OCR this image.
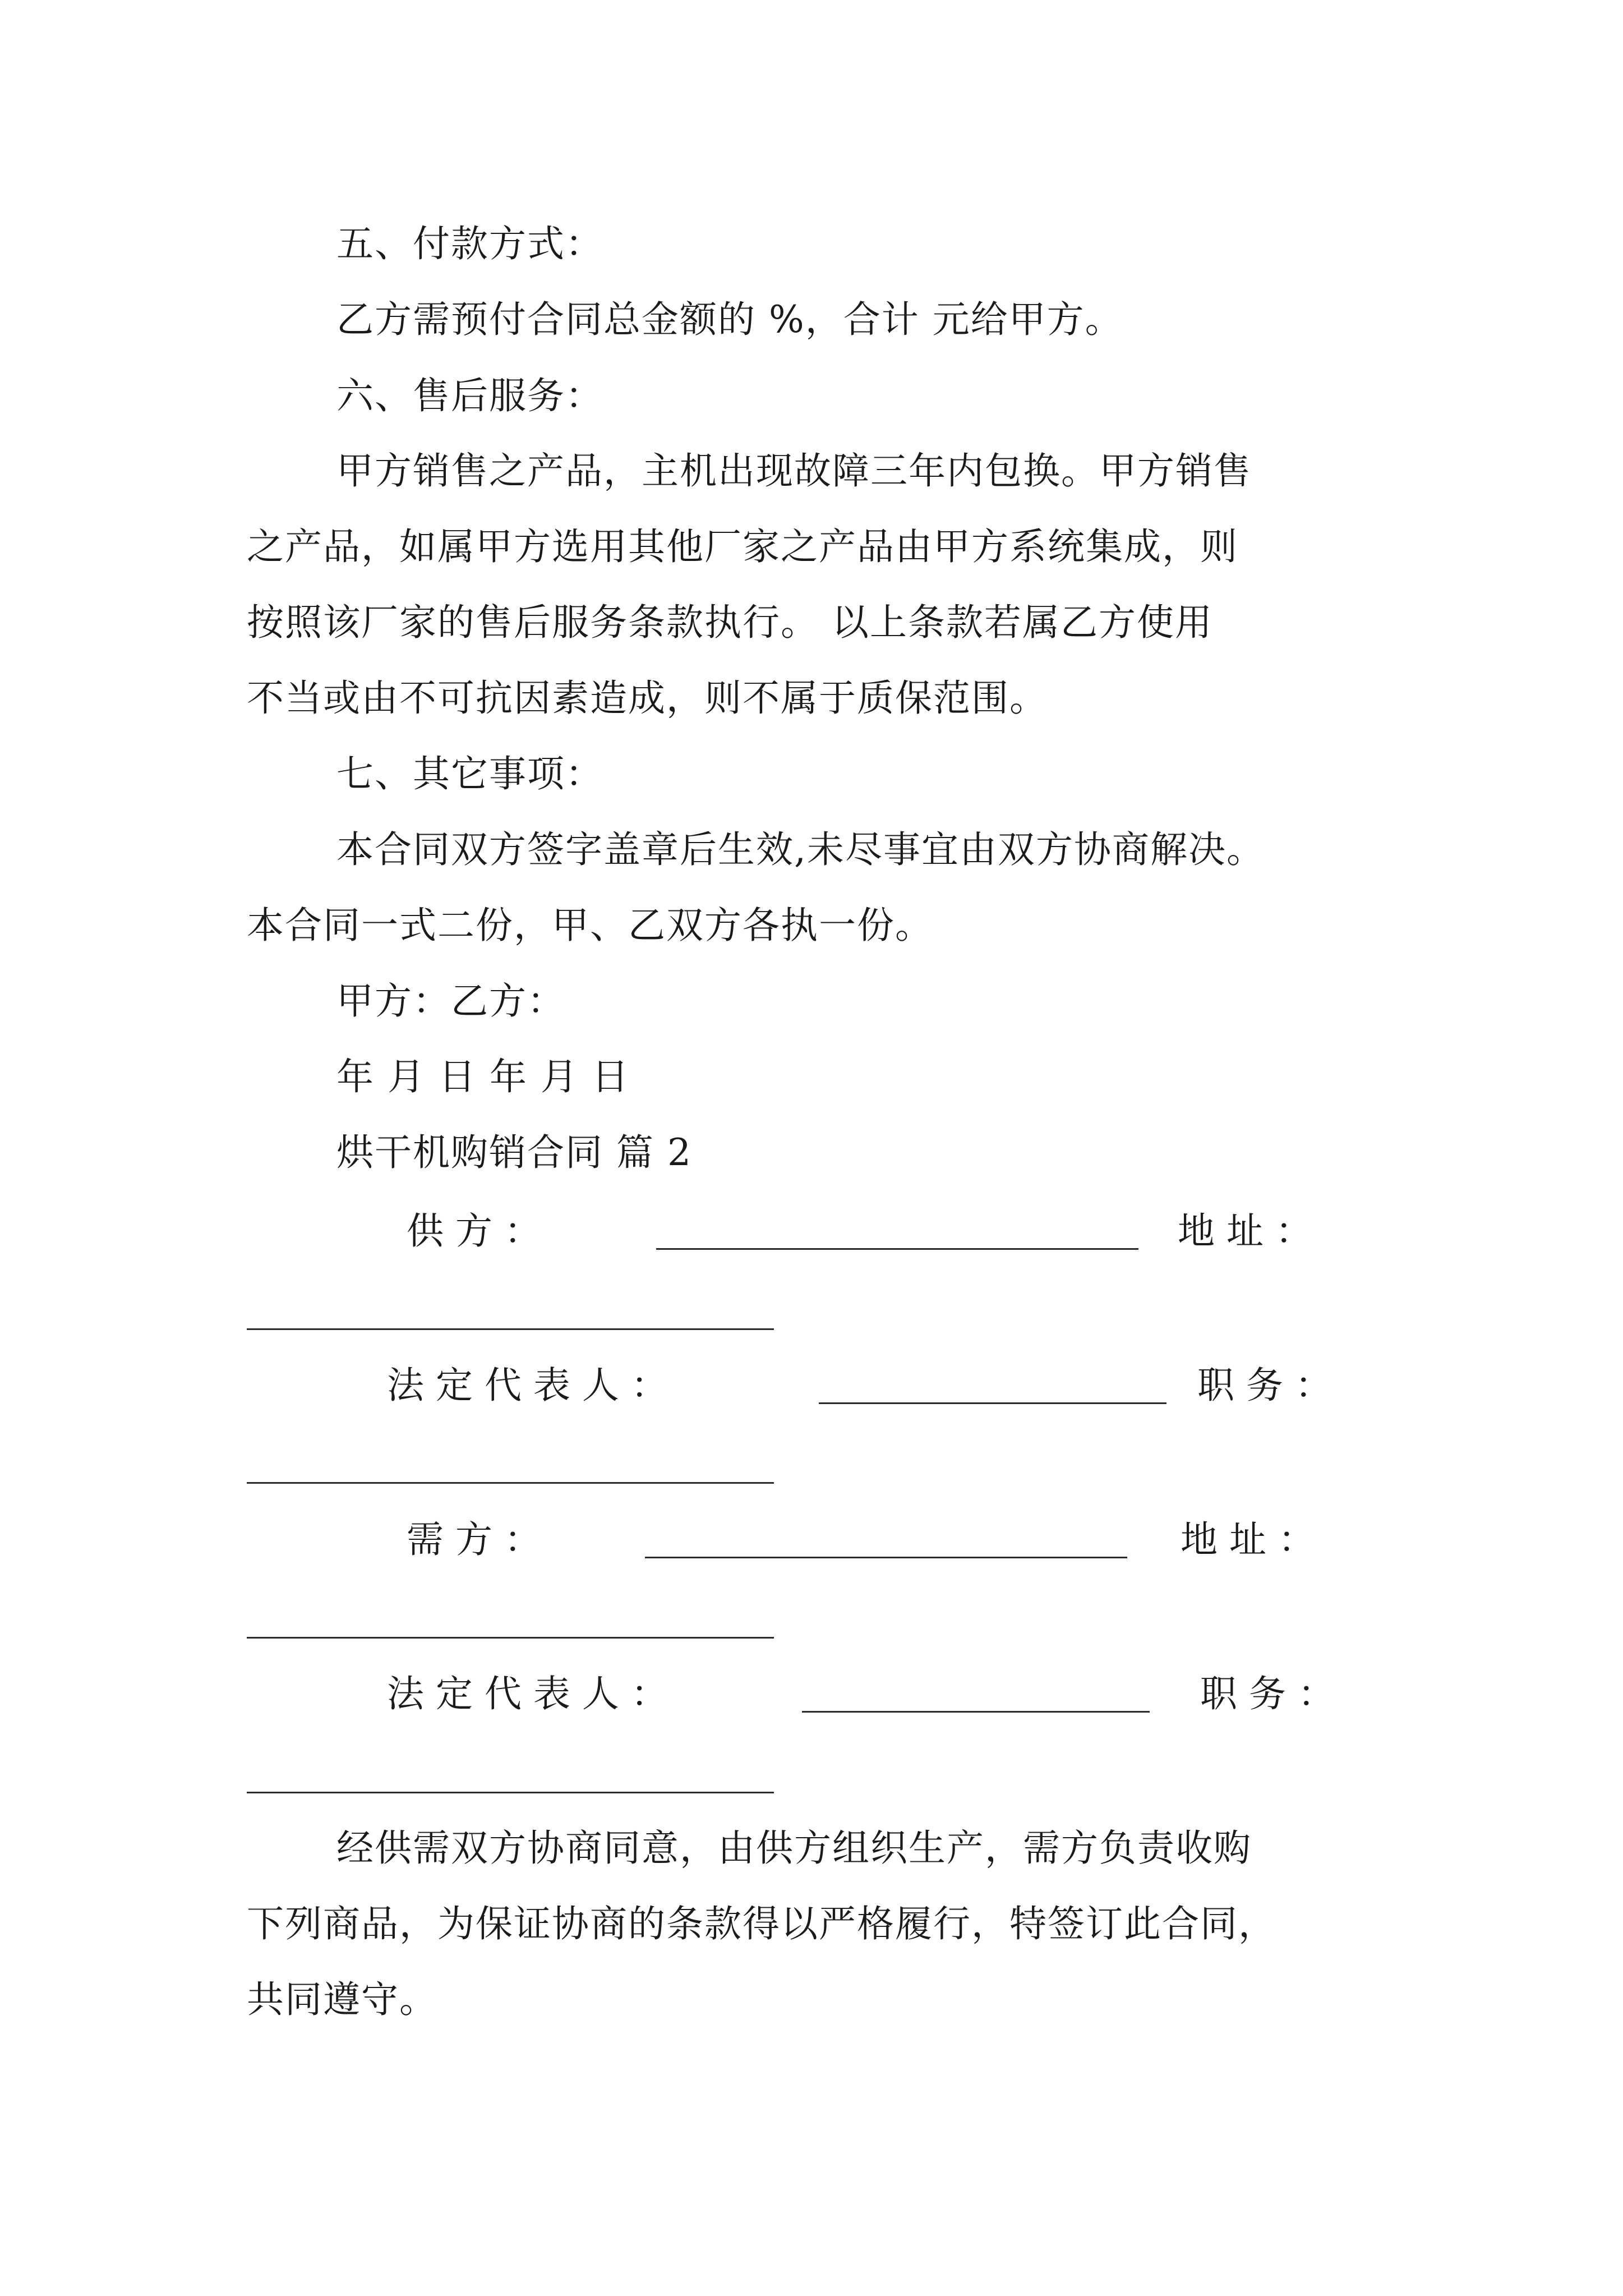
五、付款方式：
乙方需预付合同总金额的 %，合计 元给甲方。
六、售后服务：
甲方销售之产品，主机出现故障三年内包换。甲方销售
之产品，如属甲方选用其他厂家之产品由甲方系统集成，则
按照该厂家的售后服务条款执行。 以上条款若属乙方使用
不当或由不可抗因素造成，则不属于质保范围。
七、其它事项：
本合同双方签字盖章后生效,未尽事宜由双方协商解决。
本合同一式二份，甲、乙双方各执一份。
甲方：乙方：
年 月 日 年 月 日
烘干机购销合同 篇 2
供 方 ：	地 址 ：
法 定 代 表 人 ：	职 务 ：
需 方 ：	地 址 ：
法 定 代 表 人 ：	职 务 ：
经供需双方协商同意，由供方组织生产，需方负责收购
下列商品，为保证协商的条款得以严格履行，特签订此合同，
共同遵守。
